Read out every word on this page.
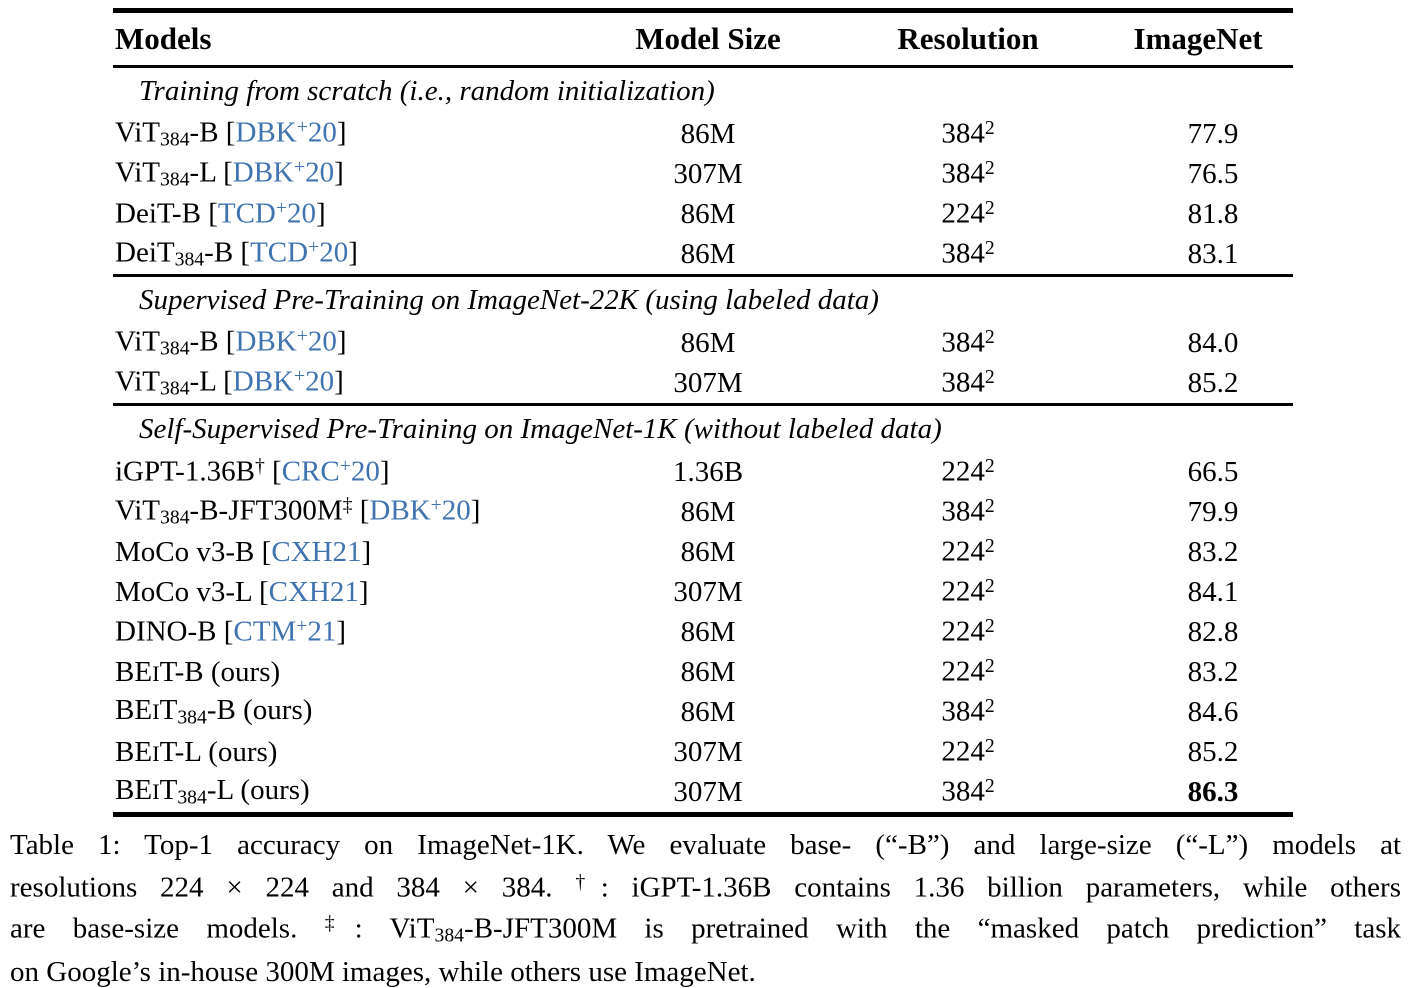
Models	Model Size	Resolution	ImageNet
Training from scratch (i.e., random initialization)			
ViT$_{384}$-B [DBK+20]	86M	$384^2$	77.9
ViT$_{384}$-L [DBK+20]	307M	$384^2$	76.5
DeiT-B [TCD+20]	86M	$224^2$	81.8
DeiT$_{384}$-B [TCD+20]	86M	$384^2$	83.1
Supervised Pre-Training on ImageNet-22K (using labeled data)			
ViT$_{384}$-B [DBK+20]	86M	$384^2$	84.0
ViT$_{384}$-L [DBK+20]	307M	$384^2$	85.2
Self-Supervised Pre-Training on ImageNet-1K (without labeled data)			
iGPT-1.36B† [CRC+20]	1.36B	$224^2$	66.5
ViT$_{384}$-B-JFT300M‡ [DBK+20]	86M	$384^2$	79.9
MoCo v3-B [CXH21]	86M	$224^2$	83.2
MoCo v3-L [CXH21]	307M	$224^2$	84.1
DINO-B [CTM+21]	86M	$224^2$	82.8
BEIT-B (ours)	86M	$224^2$	83.2
$BEIT_{384}-B$ (ours)	86M	$384^2$	84.6
BEIT-L (ours)	307M	$224^2$	85.2
$BEIT_{384}-L$ (ours)	307M	$384^2$	86.3
Table 1: Top-1 accuracy on ImageNet-1K. We evaluate base- (“-B”) and large-size (“-L”) models at
resolutions 224 × 224 and 384 × 384. †: iGPT-1.36B contains 1.36 billion parameters, while others
are base-size models. ‡: ViT$_{384}$-B-JFT300M is pretrained with the “masked patch prediction” task
on Google’s in-house 300M images, while others use ImageNet.
